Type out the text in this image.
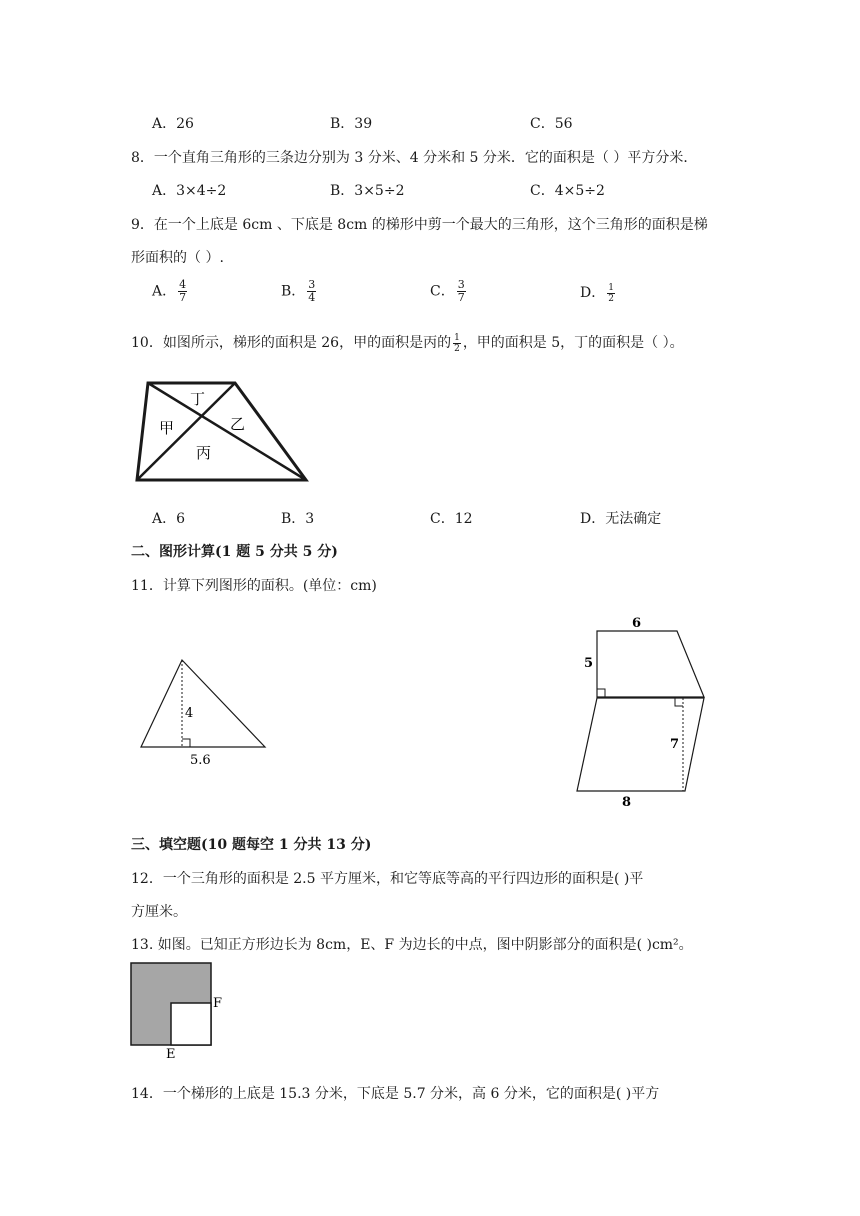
A．26	B．39	C．56
8．一个直角三角形的三条边分别为 3 分米、4 分米和 5 分米．它的面积是（ ）平方分米．
A．3×4÷2	B．3×5÷2	C．4×5÷2
9．在一个上底是 6cm 、下底是 8cm 的梯形中剪一个最大的三角形，这个三角形的面积是梯
形面积的（ ）.
A． $\frac{4}{7}$	B． $\frac{3}{4}$	C． $\frac{3}{7}$	D． $\frac{1}{2}$
10．如图所示，梯形的面积是 26，甲的面积是丙的 $\frac{1}{2}$ ，甲的面积是 5，丁的面积是（ ）。
丁
甲	乙
丙
A．6	B．3	C．12	D．无法确定
二、图形计算(1 题 5 分共 5 分)
11．计算下列图形的面积。(单位：cm)
4
5.6
6
5
7
8
三、填空题(10 题每空 1 分共 13 分)
12．一个三角形的面积是 2.5 平方厘米，和它等底等高的平行四边形的面积是( )平
方厘米。
13. 如图。已知正方形边长为 8cm，E、F 为边长的中点，图中阴影部分的面积是( )cm²。
F
E
14．一个梯形的上底是 15.3 分米，下底是 5.7 分米，高 6 分米，它的面积是( )平方
